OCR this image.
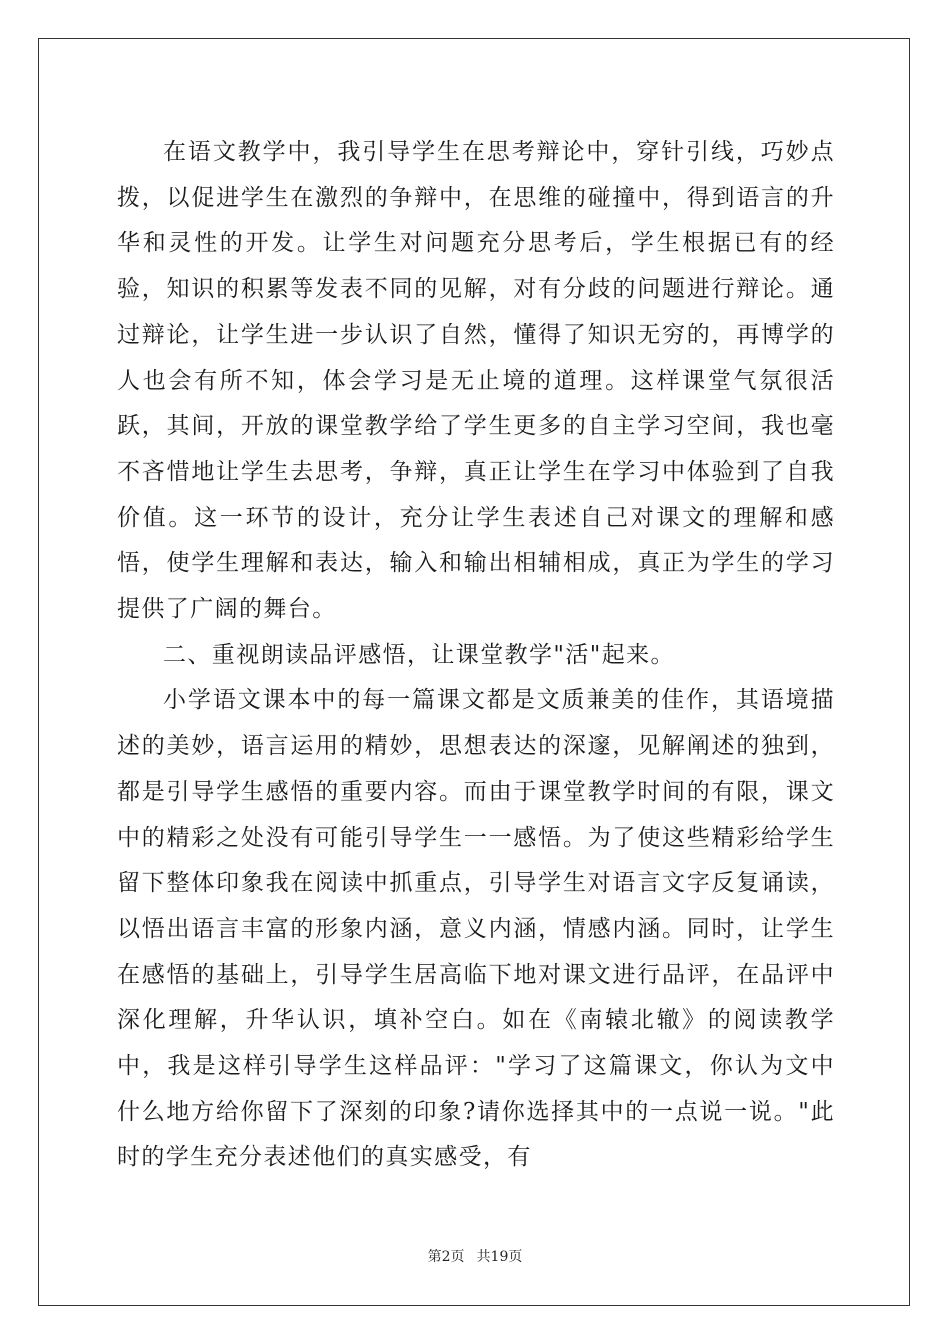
在语文教学中，我引导学生在思考辩论中，穿针引线，巧妙点拨，以促进学生在激烈的争辩中，在思维的碰撞中，得到语言的升华和灵性的开发。让学生对问题充分思考后，学生根据已有的经验，知识的积累等发表不同的见解，对有分歧的问题进行辩论。通过辩论，让学生进一步认识了自然，懂得了知识无穷的，再博学的人也会有所不知，体会学习是无止境的道理。这样课堂气氛很活跃，其间，开放的课堂教学给了学生更多的自主学习空间，我也毫不吝惜地让学生去思考，争辩，真正让学生在学习中体验到了自我价值。这一环节的设计，充分让学生表述自己对课文的理解和感悟，使学生理解和表达，输入和输出相辅相成，真正为学生的学习提供了广阔的舞台。

二、重视朗读品评感悟，让课堂教学"活"起来。

小学语文课本中的每一篇课文都是文质兼美的佳作，其语境描述的美妙，语言运用的精妙，思想表达的深邃，见解阐述的独到，都是引导学生感悟的重要内容。而由于课堂教学时间的有限，课文中的精彩之处没有可能引导学生一一感悟。为了使这些精彩给学生留下整体印象我在阅读中抓重点，引导学生对语言文字反复诵读，以悟出语言丰富的形象内涵，意义内涵，情感内涵。同时，让学生在感悟的基础上，引导学生居高临下地对课文进行品评，在品评中深化理解，升华认识，填补空白。如在《南辕北辙》的阅读教学中，我是这样引导学生这样品评："学习了这篇课文，你认为文中什么地方给你留下了深刻的印象?请你选择其中的一点说一说。"此时的学生充分表述他们的真实感受，有

第2页 共19页
